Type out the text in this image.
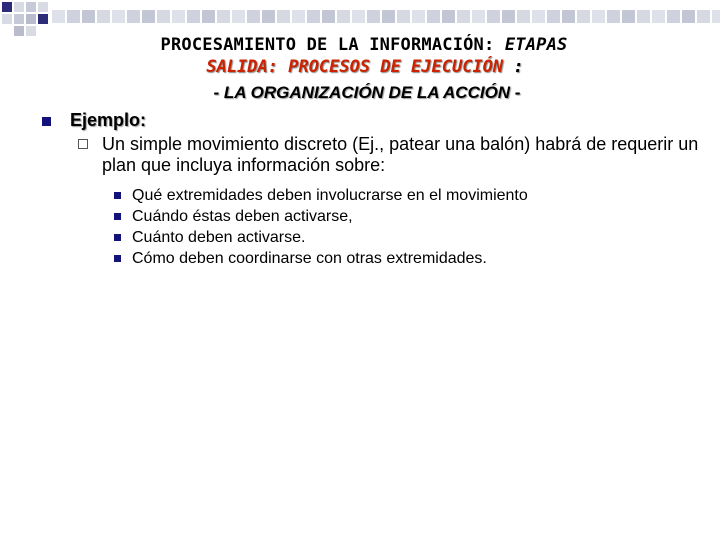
PROCESAMIENTO DE LA INFORMACIÓN: ETAPAS
SALIDA: PROCESOS DE EJECUCIÓN :
- LA ORGANIZACIÓN DE LA ACCIÓN -
Ejemplo:
Un simple movimiento discreto (Ej., patear una balón) habrá de requerir un plan que incluya información sobre:
Qué extremidades deben involucrarse en el movimiento
Cuándo éstas deben activarse,
Cuánto deben activarse.
Cómo deben coordinarse con otras extremidades.
